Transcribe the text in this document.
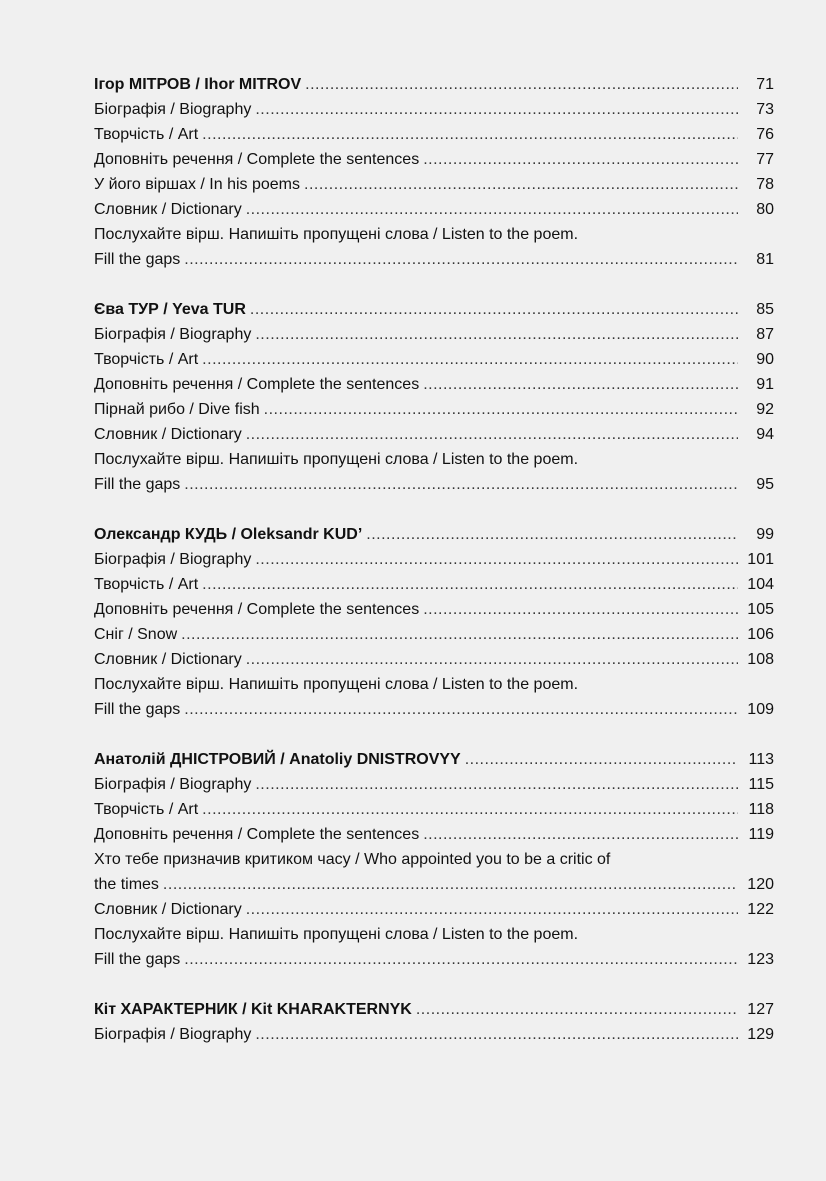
Ігор МІТРОВ / Ihor MITROV .....	71
Біографія / Biography .....	73
Творчість / Art .....	76
Доповніть речення / Complete the sentences .....	77
У його віршах / In his poems .....	78
Словник / Dictionary .....	80
Послухайте вірш. Напишіть пропущені слова / Listen to the poem.
Fill the gaps .....	81
Єва ТУР / Yeva TUR .....	85
Біографія / Biography .....	87
Творчість / Art .....	90
Доповніть речення / Complete the sentences .....	91
Пірнай рибо / Dive fish .....	92
Словник / Dictionary .....	94
Послухайте вірш. Напишіть пропущені слова / Listen to the poem.
Fill the gaps .....	95
Олександр КУДЬ / Oleksandr KUD’ .....	99
Біографія / Biography .....	101
Творчість / Art .....	104
Доповніть речення / Complete the sentences .....	105
Сніг / Snow .....	106
Словник / Dictionary .....	108
Послухайте вірш. Напишіть пропущені слова / Listen to the poem.
Fill the gaps .....	109
Анатолій ДНІСТРОВИЙ / Anatoliy DNISTROVYY .....	113
Біографія / Biography .....	115
Творчість / Art .....	118
Доповніть речення / Complete the sentences .....	119
Хто тебе призначив критиком часу / Who appointed you to be a critic of
the times .....	120
Словник / Dictionary .....	122
Послухайте вірш. Напишіть пропущені слова / Listen to the poem.
Fill the gaps .....	123
Кіт ХАРАКТЕРНИК / Kit KHARAKTERNYK .....	127
Біографія / Biography .....	129
